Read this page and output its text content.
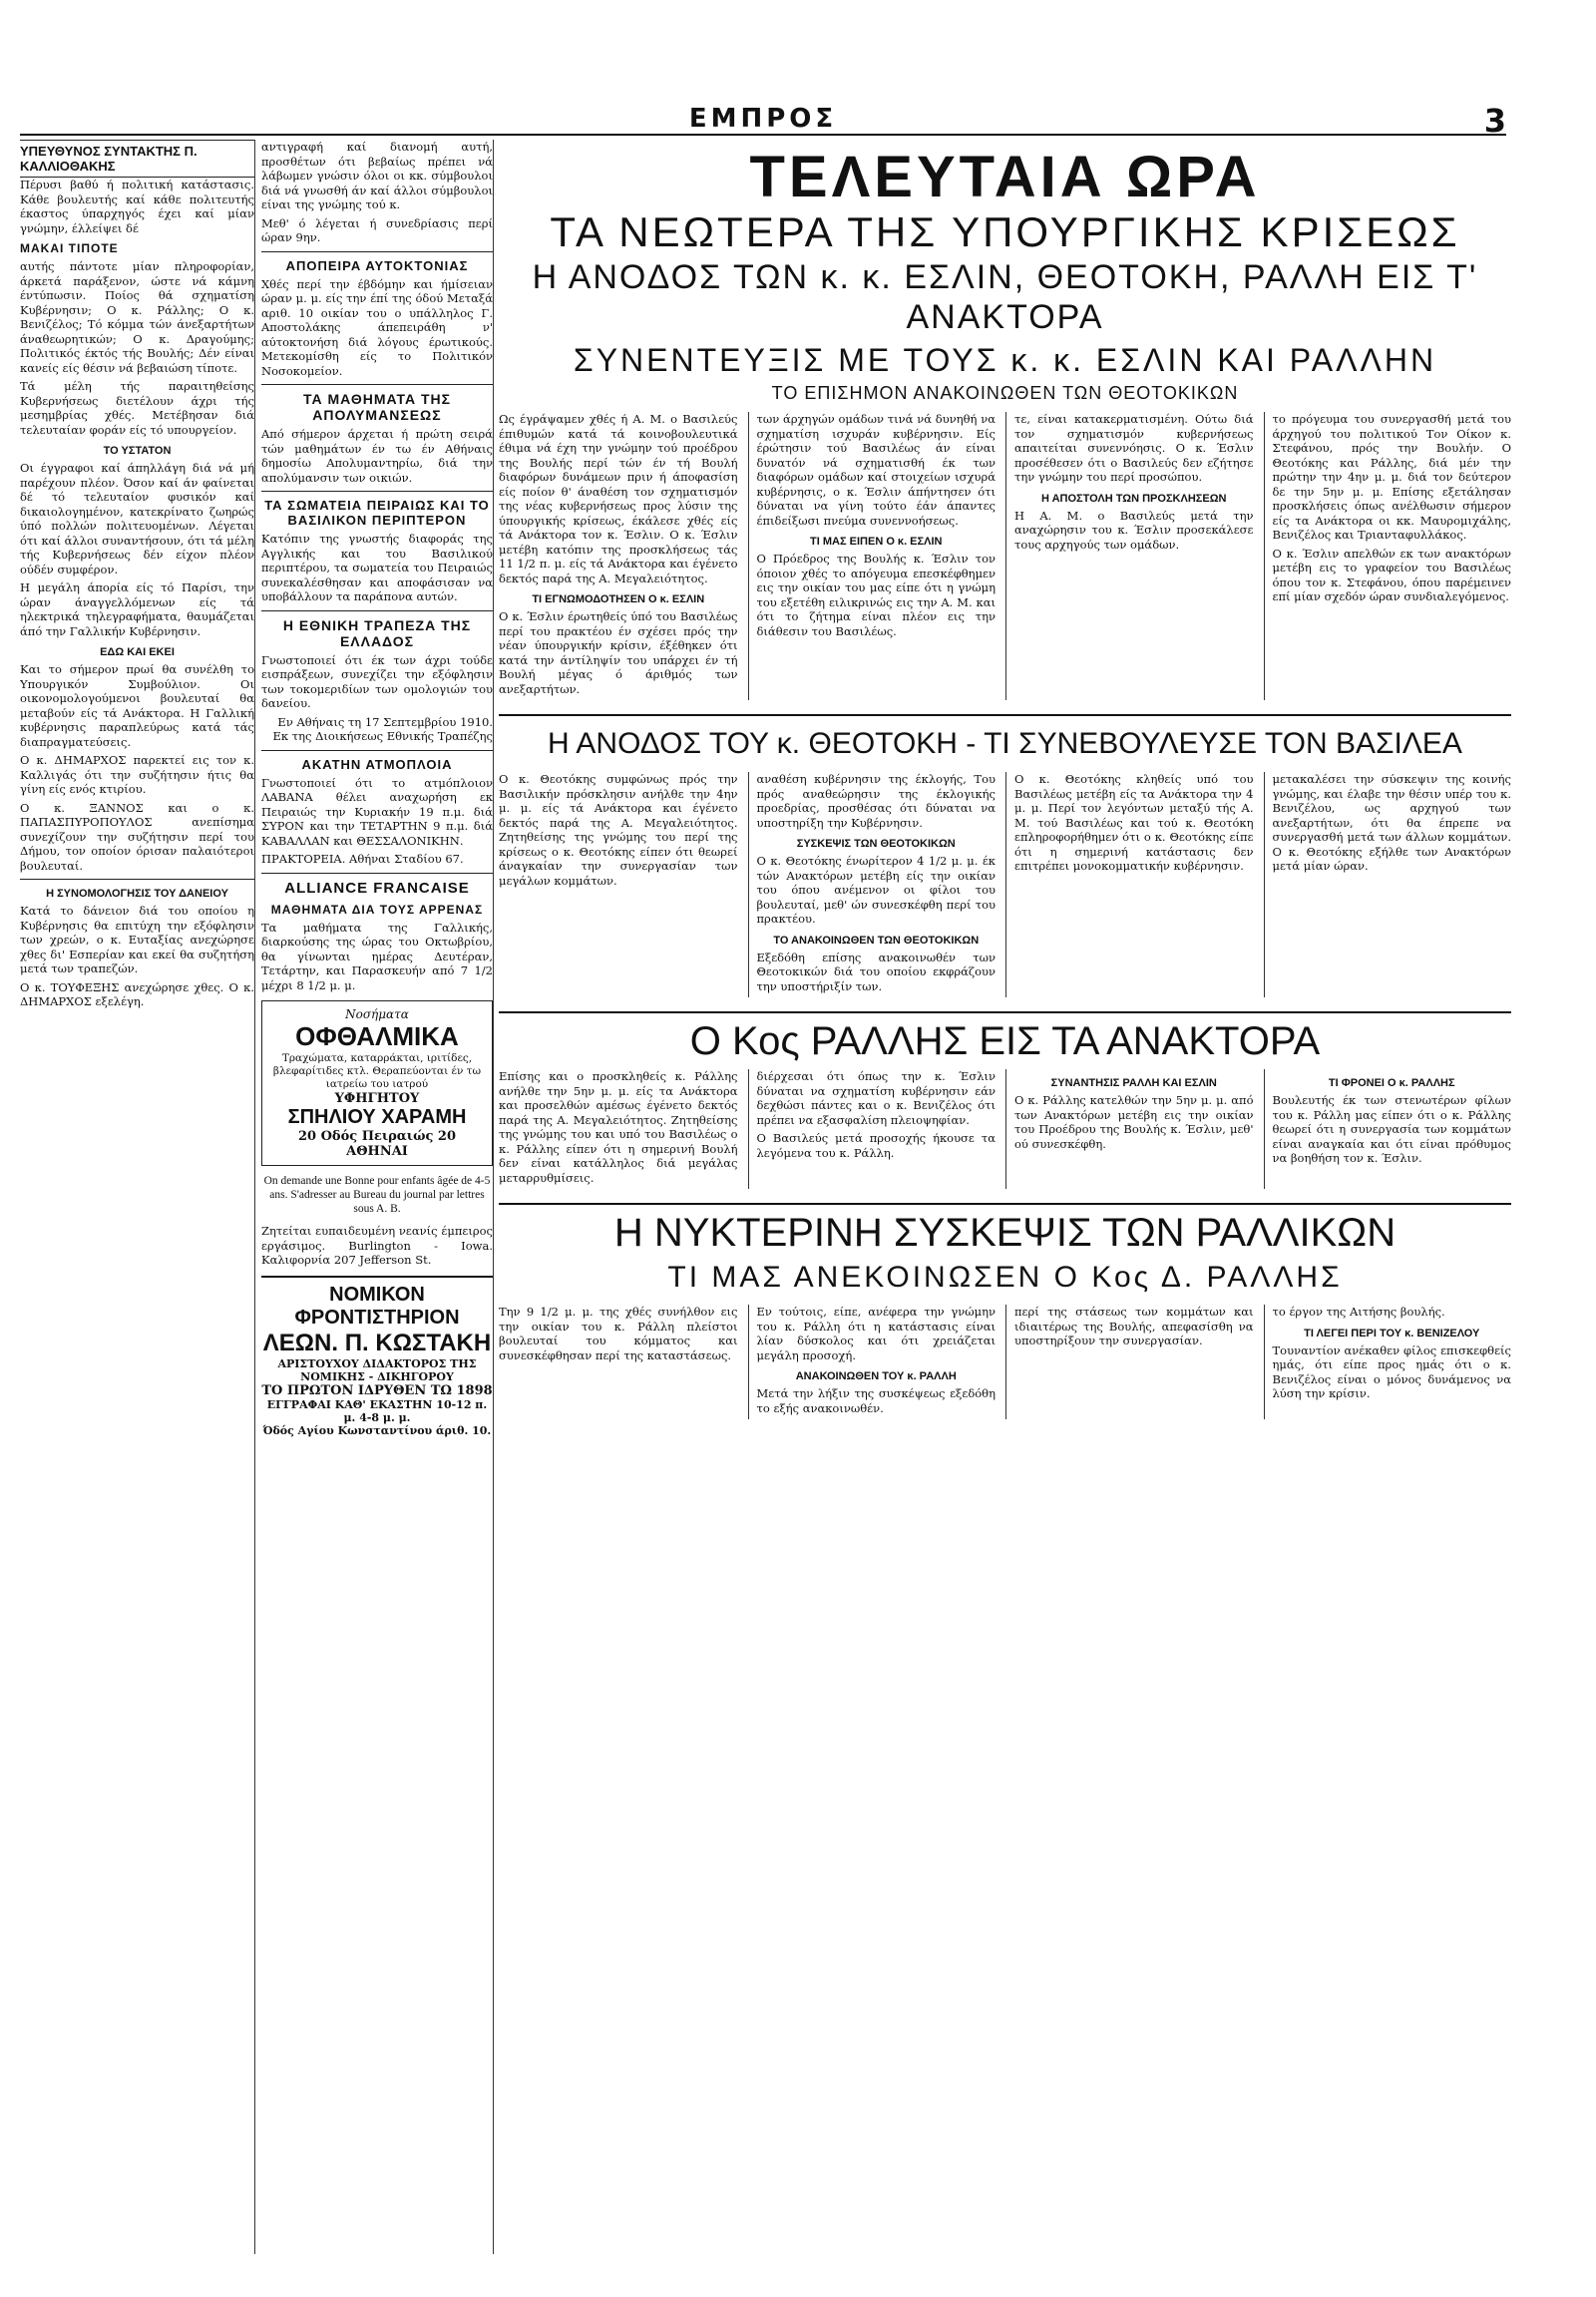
ΕΜΠΡΟΣ	3
ΥΠΕΥΘΥΝΟΣ ΣΥΝΤΑΚΤΗΣ Π. ΚΑΛΛΙΟΘΑΚΗΣ

Πέρυσι βαθύ ή πολιτική κατάστασις. Κάθε βουλευτής καί κάθε πολιτευτής έκαστος ύπαρχηγός έχει καί μίαν γνώμην, έλλείψει δέ

ΜΑΚΑΙ ΤΙΠΟΤΕ

αυτής πάντοτε μίαν πληροφορίαν, άρκετά παράξενον, ώστε νά κάμνη έντύπωσιν. Ποίος θά σχηματίση Κυβέρνησιν; Ο κ. Ράλλης; Ο κ. Βενιζέλος; Τό κόμμα τών άνεξαρτήτων άναθεωρητικών; Ο κ. Δραγούμης; Πολιτικός έκτός τής Βουλής; Δέν είναι κανείς είς θέσιν νά βεβαιώση τίποτε.

Τά μέλη τής παραιτηθείσης Κυβερνήσεως διετέλουν άχρι τής μεσημβρίας χθές. Μετέβησαν διά τελευταίαν φοράν είς τό υπουργείον.

ΤΟ ΥΣΤΑΤΟΝ

Οι έγγραφοι καί άπηλλάγη διά νά μή παρέχουν πλέον. Όσον καί άν φαίνεται δέ τό τελευταίον φυσικόν καί δικαιολογημένον, κατεκρίνατο ζωηρώς ύπό πολλών πολιτευομένων. Λέγεται ότι καί άλλοι συναντήσουν, ότι τά μέλη τής Κυβερνήσεως δέν είχον πλέον ούδέν συμφέρον.

Η μεγάλη άπορία είς τό Παρίσι, την ώραν άναγγελλόμενων είς τά ηλεκτρικά τηλεγραφήματα, θαυμάζεται άπό την Γαλλικήν Κυβέρνησιν.

ΕΔΩ ΚΑΙ ΕΚΕΙ

Και το σήμερον πρωί θα συνέλθη το Υπουργικόν Συμβούλιον. Οι οικονομολογούμενοι βουλευταί θα μεταβούν είς τά Ανάκτορα. Η Γαλλική κυβέρνησις παραπλεύρως κατά τάς διαπραγματεύσεις.

Ο κ. ΔΗΜΑΡΧΟΣ παρεκτεί εις τον κ. Καλλιγάς ότι την συζήτησιν ήτις θα γίνη είς ενός κτιρίου.

Ο κ. ΞΑΝΝΟΣ και ο κ. ΠΑΠΑΣΠΥΡΟΠΟΥΛΟΣ ανεπίσημα συνεχίζουν την συζήτησιν περί του Δήμου, τον οποίον όρισαν παλαιότεροι βουλευταί.

Η ΣΥΝΟΜΟΛΟΓΗΣΙΣ ΤΟΥ ΔΑΝΕΙΟΥ

Κατά το δάνειον διά του οποίου η Κυβέρνησις θα επιτύχη την εξόφλησιν των χρεών, ο κ. Ευταξίας ανεχώρησε χθες δι' Εσπερίαν και εκεί θα συζητήση μετά των τραπεζών.

Ο κ. ΤΟΥΦΕΞΗΣ ανεχώρησε χθες. Ο κ. ΔΗΜΑΡΧΟΣ εξελέγη.

αντιγραφή καί διανομή αυτή, προσθέτων ότι βεβαίως πρέπει νά λάβωμεν γνώσιν όλοι οι κκ. σύμβουλοι διά νά γνωσθή άν καί άλλοι σύμβουλοι είναι της γνώμης τού κ.

Μεθ' ό λέγεται ή συνεδρίασις περί ώραν 9ην.

ΑΠΟΠΕΙΡΑ ΑΥΤΟΚΤΟΝΙΑΣ

Χθές περί την έβδόμην και ήμίσειαν ώραν μ. μ. είς την έπί της όδού Μεταξά αριθ. 10 οικίαν του ο υπάλληλος Γ. Αποστολάκης άπεπειράθη ν' αύτοκτονήση διά λόγους έρωτικούς. Μετεκομίσθη είς το Πολιτικόν Νοσοκομείον.

ΤΑ ΜΑΘΗΜΑΤΑ ΤΗΣ ΑΠΟΛΥΜΑΝΣΕΩΣ

Από σήμερον άρχεται ή πρώτη σειρά τών μαθημάτων έν τω έν Αθήναις δημοσίω Απολυμαντηρίω, διά την απολύμανσιν των οικιών.

ΤΑ ΣΩΜΑΤΕΙΑ ΠΕΙΡΑΙΩΣ ΚΑΙ ΤΟ ΒΑΣΙΛΙΚΟΝ ΠΕΡΙΠΤΕΡΟΝ

Κατόπιν της γνωστής διαφοράς της Αγγλικής και του Βασιλικού περιπτέρου, τα σωματεία του Πειραιώς συνεκαλέσθησαν και αποφάσισαν να υποβάλλουν τα παράπονα αυτών.

Η ΕΘΝΙΚΗ ΤΡΑΠΕΖΑ ΤΗΣ ΕΛΛΑΔΟΣ

Γνωστοποιεί ότι έκ των άχρι τούδε εισπράξεων, συνεχίζει την εξόφλησιν των τοκομεριδίων των ομολογιών του δανείου.

Εν Αθήναις τη 17 Σεπτεμβρίου 1910. Εκ της Διοικήσεως Εθνικής Τραπέζης

ΑΚΑΤΗΝ ΑΤΜΟΠΛΟΙΑ

Γνωστοποιεί ότι το ατμόπλοιον ΛΑΒΑΝΑ θέλει αναχωρήση εκ Πειραιώς την Κυριακήν 19 π.μ. διά ΣΥΡΟΝ και την ΤΕΤΑΡΤΗΝ 9 π.μ. διά ΚΑΒΑΛΛΑΝ και ΘΕΣΣΑΛΟΝΙΚΗΝ.

ΠΡΑΚΤΟΡΕΙΑ. Αθήναι Σταδίου 67.

ALLIANCE FRANCAISE
ΜΑΘΗΜΑΤΑ ΔΙΑ ΤΟΥΣ ΑΡΡΕΝΑΣ

Τα μαθήματα της Γαλλικής, διαρκούσης της ώρας του Οκτωβρίου, θα γίνωνται ημέρας Δευτέραν, Τετάρτην, και Παρασκευήν από 7 1/2 μέχρι 8 1/2 μ. μ.

Νοσήματα
ΟΦΘΑΛΜΙΚΑ
Τραχώματα, καταρράκται, ιριτίδες, βλεφαρίτιδες κτλ. Θεραπεύονται έν τω ιατρείω του ιατρού
ΥΦΗΓΗΤΟΥ
ΣΠΗΛΙΟΥ ΧΑΡΑΜΗ
20 Οδός Πειραιώς 20 ΑΘΗΝΑΙ
On demande une Bonne pour enfants âgée de 4-5 ans. S'adresser au Bureau du journal par lettres sous A. B.

Ζητείται ευπαιδευμένη νεανίς έμπειρος εργάσιμος. Burlington - Iowa. Καλιφορνία 207 Jefferson St.

ΝΟΜΙΚΟΝ ΦΡΟΝΤΙΣΤΗΡΙΟΝ
ΛΕΩΝ. Π. ΚΩΣΤΑΚΗ
ΑΡΙΣΤΟΥΧΟΥ ΔΙΔΑΚΤΟΡΟΣ ΤΗΣ ΝΟΜΙΚΗΣ - ΔΙΚΗΓΟΡΟΥ
ΤΟ ΠΡΩΤΟΝ ΙΔΡΥΘΕΝ ΤΩ 1898
ΕΓΓΡΑΦΑΙ ΚΑΘ' ΕΚΑΣΤΗΝ 10-12 π. μ. 4-8 μ. μ.
Όδός Αγίου Κωνσταντίνου άριθ. 10.
ΤΕΛΕΥΤΑΙΑ ΩΡΑ
ΤΑ ΝΕΩΤΕΡΑ ΤΗΣ ΥΠΟΥΡΓΙΚΗΣ ΚΡΙΣΕΩΣ
Η ΑΝΟΔΟΣ ΤΩΝ κ. κ. ΕΣΛΙΝ, ΘΕΟΤΟΚΗ, ΡΑΛΛΗ ΕΙΣ Τ' ΑΝΑΚΤΟΡΑ
ΣΥΝΕΝΤΕΥΞΙΣ ΜΕ ΤΟΥΣ κ. κ. ΕΣΛΙΝ ΚΑΙ ΡΑΛΛΗΝ
ΤΟ ΕΠΙΣΗΜΟΝ ΑΝΑΚΟΙΝΩΘΕΝ ΤΩΝ ΘΕΟΤΟΚΙΚΩΝ

Ως έγράψαμεν χθές ή Α. Μ. ο Βασιλεύς έπιθυμών κατά τά κοινοβουλευτικά έθιμα νά έχη την γνώμην τού προέδρου της Βουλής περί τών έν τή Βουλή διαφόρων δυνάμεων πριν ή άποφασίση είς ποίον θ' άναθέση τον σχηματισμόν της νέας κυβερνήσεως προς λύσιν της ύπουργικής κρίσεως, έκάλεσε χθές είς τά Ανάκτορα τον κ. Έσλιν. Ο κ. Έσλιν μετέβη κατόπιν της προσκλήσεως τάς 11 1/2 π. μ. είς τά Ανάκτορα και έγένετο δεκτός παρά της Α. Μεγαλειότητος.

ΤΙ ΕΓΝΩΜΟΔΟΤΗΣΕΝ Ο κ. ΕΣΛΙΝ

Ο κ. Έσλιν έρωτηθείς ύπό του Βασιλέως περί του πρακτέου έν σχέσει πρός την νέαν ύπουργικήν κρίσιν, έξέθηκεν ότι κατά την άντίληψίν του υπάρχει έν τή Βουλή μέγας ό άριθμός των ανεξαρτήτων.

των άρχηγών ομάδων τινά νά δυνηθή να σχηματίση ισχυράν κυβέρνησιν. Είς έρώτησιν τού Βασιλέως άν είναι δυνατόν νά σχηματισθή έκ των διαφόρων ομάδων καί στοιχείων ισχυρά κυβέρνησις, ο κ. Έσλιν άπήντησεν ότι δύναται να γίνη τούτο έάν άπαντες έπιδείξωσι πνεύμα συνεννοήσεως.

ΤΙ ΜΑΣ ΕΙΠΕΝ Ο κ. ΕΣΛΙΝ

Ο Πρόεδρος της Βουλής κ. Έσλιν τον όποιον χθές το απόγευμα επεσκέφθημεν εις την οικίαν του μας είπε ότι η γνώμη του εξετέθη ειλικρινώς εις την Α. Μ. και ότι το ζήτημα είναι πλέον εις την διάθεσιν του Βασιλέως.

τε, είναι κατακερματισμένη. Ούτω διά τον σχηματισμόν κυβερνήσεως απαιτείται συνεννόησις. Ο κ. Έσλιν προσέθεσεν ότι ο Βασιλεύς δεν εζήτησε την γνώμην του περί προσώπου.

Η ΑΠΟΣΤΟΛΗ ΤΩΝ ΠΡΟΣΚΛΗΣΕΩΝ

Η Α. Μ. ο Βασιλεύς μετά την αναχώρησιν του κ. Έσλιν προσεκάλεσε τους αρχηγούς των ομάδων.

το πρόγευμα του συνεργασθή μετά του άρχηγού του πολιτικού Τον Οίκον κ. Στεφάνου, πρός την Βουλήν. Ο Θεοτόκης και Ράλλης, διά μέν την πρώτην την 4ην μ. μ. διά τον δεύτερον δε την 5ην μ. μ. Επίσης εξετάλησαν προσκλήσεις όπως ανέλθωσιν σήμερον είς τα Ανάκτορα οι κκ. Μαυρομιχάλης, Βενιζέλος και Τριανταφυλλάκος.

Ο κ. Έσλιν απελθών εκ των ανακτόρων μετέβη εις το γραφείον του Βασιλέως όπου τον κ. Στεφάνου, όπου παρέμεινεν επί μίαν σχεδόν ώραν συνδιαλεγόμενος.

Η ΑΝΟΔΟΣ ΤΟΥ κ. ΘΕΟΤΟΚΗ - ΤΙ ΣΥΝΕΒΟΥΛΕΥΣΕ ΤΟΝ ΒΑΣΙΛΕΑ

Ο κ. Θεοτόκης συμφώνως πρός την Βασιλικήν πρόσκλησιν ανήλθε την 4ην μ. μ. είς τά Ανάκτορα και έγένετο δεκτός παρά της Α. Μεγαλειότητος. Ζητηθείσης της γνώμης του περί της κρίσεως ο κ. Θεοτόκης είπεν ότι θεωρεί άναγκαίαν την συνεργασίαν των μεγάλων κομμάτων.

αναθέση κυβέρνησιν της έκλογής, Του πρός αναθεώρησιν της έκλογικής προεδρίας, προσθέσας ότι δύναται να υποστηρίξη την Κυβέρνησιν.

ΣΥΣΚΕΨΙΣ ΤΩΝ ΘΕΟΤΟΚΙΚΩΝ

Ο κ. Θεοτόκης ένωρίτερον 4 1/2 μ. μ. έκ τών Ανακτόρων μετέβη είς την οικίαν του όπου ανέμενον οι φίλοι του βουλευταί, μεθ' ών συνεσκέφθη περί του πρακτέου.

ΤΟ ΑΝΑΚΟΙΝΩΘΕΝ ΤΩΝ ΘΕΟΤΟΚΙΚΩΝ

Εξεδόθη επίσης ανακοινωθέν των Θεοτοκικών διά του οποίου εκφράζουν την υποστήριξίν των.

Ο κ. Θεοτόκης κληθείς υπό του Βασιλέως μετέβη είς τα Ανάκτορα την 4 μ. μ. Περί τον λεγόντων μεταξύ τής Α. Μ. τού Βασιλέως και τού κ. Θεοτόκη επληροφορήθημεν ότι ο κ. Θεοτόκης είπε ότι η σημερινή κατάστασις δεν επιτρέπει μονοκομματικήν κυβέρνησιν.

μετακαλέσει την σύσκεψιν της κοινής γνώμης, και έλαβε την θέσιν υπέρ του κ. Βενιζέλου, ως αρχηγού των ανεξαρτήτων, ότι θα έπρεπε να συνεργασθή μετά των άλλων κομμάτων. Ο κ. Θεοτόκης εξήλθε των Ανακτόρων μετά μίαν ώραν.

Ο Κος ΡΑΛΛΗΣ ΕΙΣ ΤΑ ΑΝΑΚΤΟΡΑ

Επίσης και ο προσκληθείς κ. Ράλλης ανήλθε την 5ην μ. μ. είς τα Ανάκτορα και προσελθών αμέσως έγένετο δεκτός παρά της Α. Μεγαλειότητος. Ζητηθείσης της γνώμης του και υπό του Βασιλέως ο κ. Ράλλης είπεν ότι η σημερινή Βουλή δεν είναι κατάλληλος διά μεγάλας μεταρρυθμίσεις.

διέρχεσαι ότι όπως την κ. Έσλιν δύναται να σχηματίση κυβέρνησιν εάν δεχθώσι πάντες και ο κ. Βενιζέλος ότι πρέπει να εξασφαλίση πλειοψηφίαν.

Ο Βασιλεύς μετά προσοχής ήκουσε τα λεγόμενα του κ. Ράλλη.

ΣΥΝΑΝΤΗΣΙΣ ΡΑΛΛΗ ΚΑΙ ΕΣΛΙΝ

Ο κ. Ράλλης κατελθών την 5ην μ. μ. από των Ανακτόρων μετέβη εις την οικίαν του Προέδρου της Βουλής κ. Έσλιν, μεθ' ού συνεσκέφθη.

ΤΙ ΦΡΟΝΕΙ Ο κ. ΡΑΛΛΗΣ

Βουλευτής έκ των στενωτέρων φίλων του κ. Ράλλη μας είπεν ότι ο κ. Ράλλης θεωρεί ότι η συνεργασία των κομμάτων είναι αναγκαία και ότι είναι πρόθυμος να βοηθήση τον κ. Έσλιν.

Η ΝΥΚΤΕΡΙΝΗ ΣΥΣΚΕΨΙΣ ΤΩΝ ΡΑΛΛΙΚΩΝ
ΤΙ ΜΑΣ ΑΝΕΚΟΙΝΩΣΕΝ Ο Κος Δ. ΡΑΛΛΗΣ

Την 9 1/2 μ. μ. της χθές συνήλθον εις την οικίαν του κ. Ράλλη πλείστοι βουλευταί του κόμματος και συνεσκέφθησαν περί της καταστάσεως.

Εν τούτοις, είπε, ανέφερα την γνώμην του κ. Ράλλη ότι η κατάστασις είναι λίαν δύσκολος και ότι χρειάζεται μεγάλη προσοχή.

ΑΝΑΚΟΙΝΩΘΕΝ ΤΟΥ κ. ΡΑΛΛΗ

Μετά την λήξιν της συσκέψεως εξεδόθη το εξής ανακοινωθέν.

περί της στάσεως των κομμάτων και ιδιαιτέρως της Βουλής, απεφασίσθη να υποστηρίξουν την συνεργασίαν.

το έργον της Αιτήσης βουλής.

ΤΙ ΛΕΓΕΙ ΠΕΡΙ ΤΟΥ κ. ΒΕΝΙΖΕΛΟΥ

Τουναντίον ανέκαθεν φίλος επισκεφθείς ημάς, ότι είπε προς ημάς ότι ο κ. Βενιζέλος είναι ο μόνος δυνάμενος να λύση την κρίσιν.
